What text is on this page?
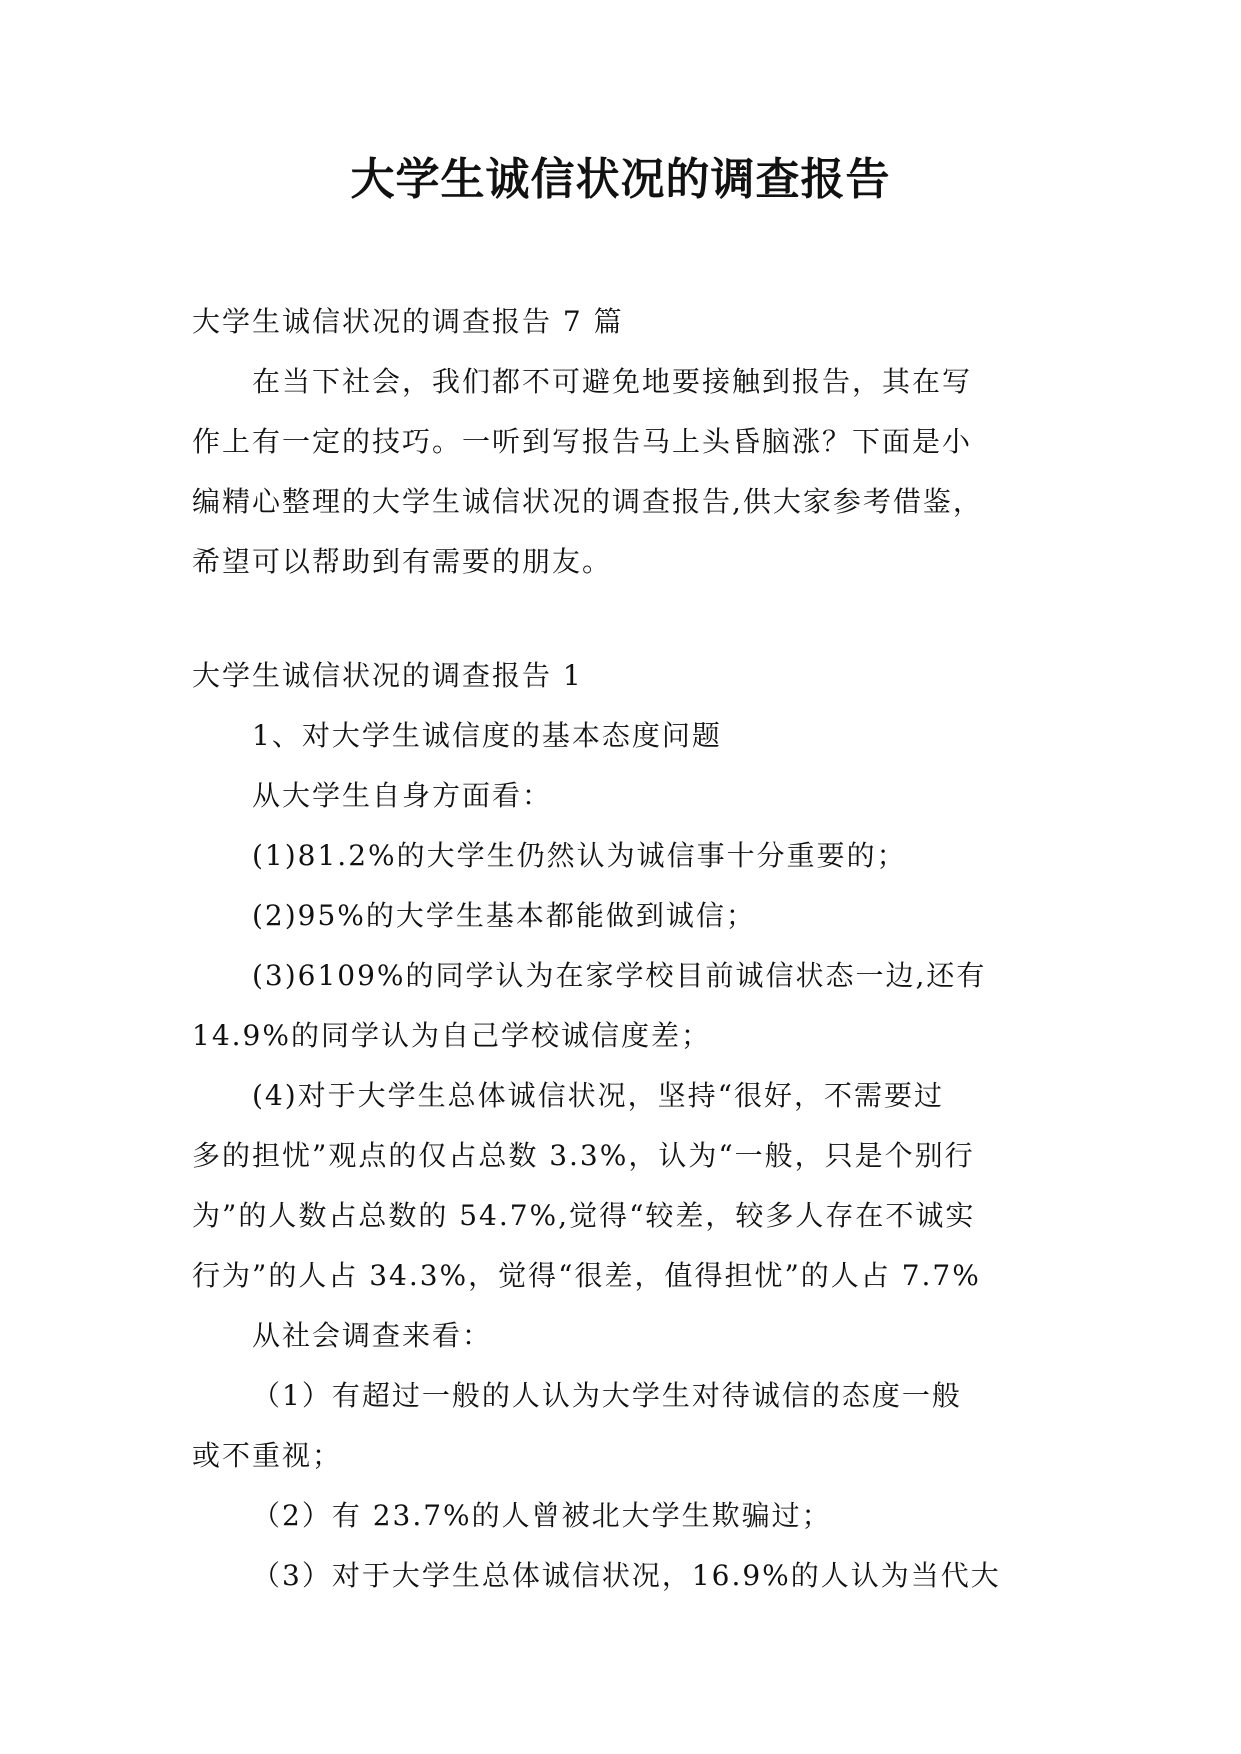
大学生诚信状况的调查报告
大学生诚信状况的调查报告 7 篇
在当下社会，我们都不可避免地要接触到报告，其在写
作上有一定的技巧。一听到写报告马上头昏脑涨？下面是小
编精心整理的大学生诚信状况的调查报告,供大家参考借鉴，
希望可以帮助到有需要的朋友。
大学生诚信状况的调查报告 1
1、对大学生诚信度的基本态度问题
从大学生自身方面看：
(1)81.2%的大学生仍然认为诚信事十分重要的；
(2)95%的大学生基本都能做到诚信；
(3)6109%的同学认为在家学校目前诚信状态一边,还有
14.9%的同学认为自己学校诚信度差；
(4)对于大学生总体诚信状况，坚持“很好，不需要过
多的担忧”观点的仅占总数 3.3%，认为“一般，只是个别行
为”的人数占总数的 54.7%,觉得“较差，较多人存在不诚实
行为”的人占 34.3%，觉得“很差，值得担忧”的人占 7.7%
从社会调查来看：
（1）有超过一般的人认为大学生对待诚信的态度一般
或不重视；
（2）有 23.7%的人曾被北大学生欺骗过；
（3）对于大学生总体诚信状况，16.9%的人认为当代大
